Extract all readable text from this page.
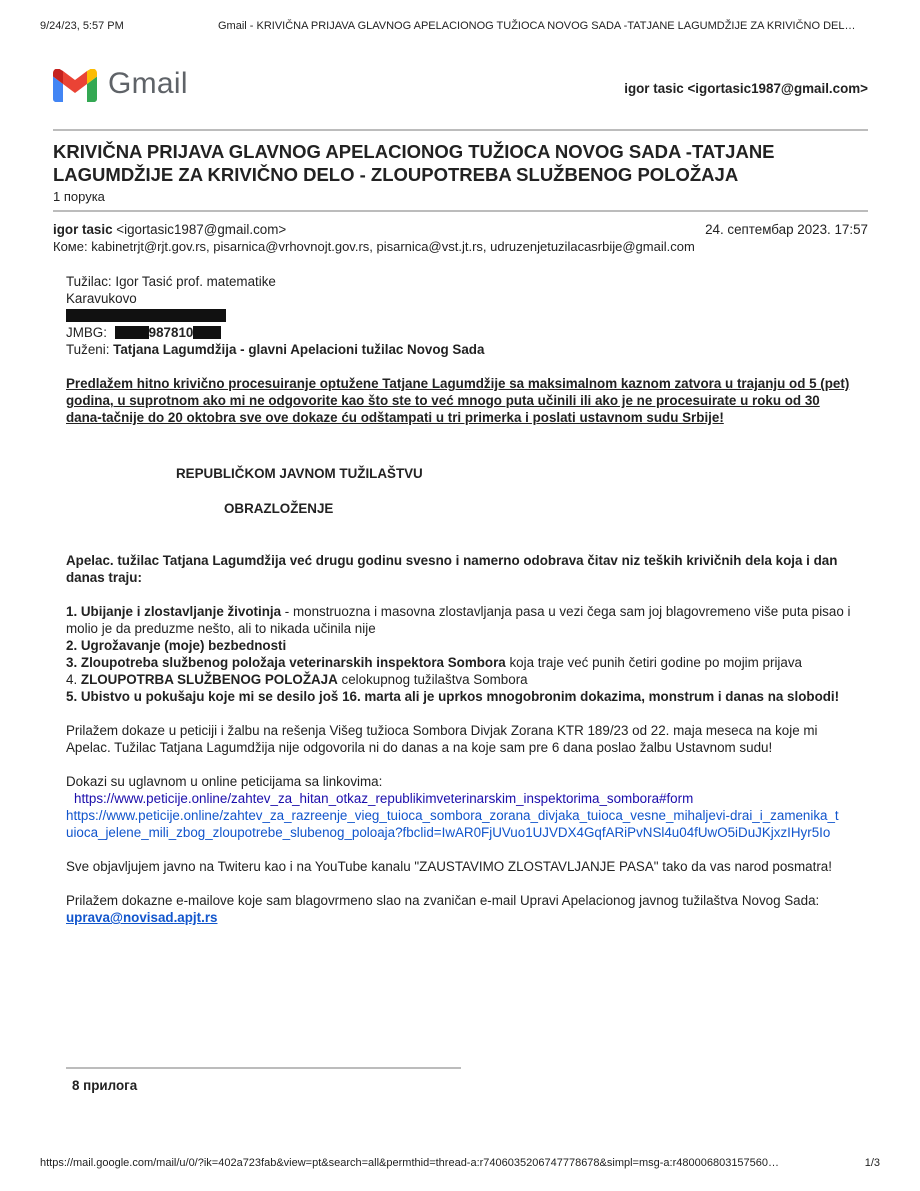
9/24/23, 5:57 PM	Gmail - KRIVIČNA PRIJAVA GLAVNOG APELACIONOG TUŽIOCA NOVOG SADA -TATJANE LAGUMDŽIJE ZA KRIVIČNO DEL…
Gmail	igor tasic <igortasic1987@gmail.com>
KRIVIČNA PRIJAVA GLAVNOG APELACIONOG TUŽIOCA NOVOG SADA -TATJANE LAGUMDŽIJE ZA KRIVIČNO DELO - ZLOUPOTREBA SLUŽBENOG POLOŽAJA
1 порука
igor tasic <igortasic1987@gmail.com>	24. септембар 2023. 17:57
Коме: kabinetrjt@rjt.gov.rs, pisarnica@vrhovnojt.gov.rs, pisarnica@vst.jt.rs, udruzenjetuzilacasrbije@gmail.com

Tužilac: Igor Tasić prof. matematike

Karavukovo

JMBG:	987810

Tuženi: Tatjana Lagumdžija - glavni Apelacioni tužilac Novog Sada

Predlažem hitno krivično procesuiranje optužene Tatjane Lagumdžije sa maksimalnom kaznom zatvora u trajanju od 5 (pet) godina, u suprotnom ako mi ne odgovorite kao što ste to već mnogo puta učinili ili ako je ne procesuirate u roku od 30 dana-tačnije do 20 oktobra sve ove dokaze ću odštampati u tri primerka i poslati ustavnom sudu Srbije!

REPUBLIČKOM JAVNOM TUŽILAŠTVU

OBRAZLOŽENJE

Apelac. tužilac Tatjana Lagumdžija već drugu godinu svesno i namerno odobrava čitav niz teških krivičnih dela koja i dan danas traju:

1. Ubijanje i zlostavljanje životinja - monstruozna i masovna zlostavljanja pasa u vezi čega sam joj blagovremeno više puta pisao i molio je da preduzme nešto, ali to nikada učinila nije

2. Ugrožavanje (moje) bezbednosti

3. Zloupotreba službenog položaja veterinarskih inspektora Sombora koja traje već punih četiri godine po mojim prijava

4. ZLOUPOTRBA SLUŽBENOG POLOŽAJA celokupnog tužilaštva Sombora

5. Ubistvo u pokušaju koje mi se desilo još 16. marta ali je uprkos mnogobronim dokazima, monstrum i danas na slobodi!

Prilažem dokaze u peticiji i žalbu na rešenja Višeg tužioca Sombora Divjak Zorana KTR 189/23 od 22. maja meseca na koje mi Apelac. Tužilac Tatjana Lagumdžija nije odgovorila ni do danas a na koje sam pre 6 dana poslao žalbu Ustavnom sudu!

Dokazi su uglavnom u online peticijama sa linkovima:

https://www.peticije.online/zahtev_za_hitan_otkaz_republikimveterinarskim_inspektorima_sombora#form

https://www.peticije.online/zahtev_za_razreenje_vieg_tuioca_sombora_zorana_divjaka_tuioca_vesne_mihaljevi-drai_i_zamenika_tuioca_jelene_mili_zbog_zloupotrebe_slubenog_poloaja?fbclid=IwAR0FjUVuo1UJVDX4GqfARiPvNSl4u04fUwO5iDuJKjxzIHyr5Io

Sve objavljujem javno na Twiteru kao i na YouTube kanalu "ZAUSTAVIMO ZLOSTAVLJANJE PASA" tako da vas narod posmatra!

Prilažem dokazne e-mailove koje sam blagovrmeno slao na zvaničan e-mail Upravi Apelacionog javnog tužilaštva Novog Sada: uprava@novisad.apjt.rs

8 прилога
https://mail.google.com/mail/u/0/?ik=402a723fab&view=pt&search=all&permthid=thread-a:r7406035206747778678&simpl=msg-a:r480006803157560…	1/3
